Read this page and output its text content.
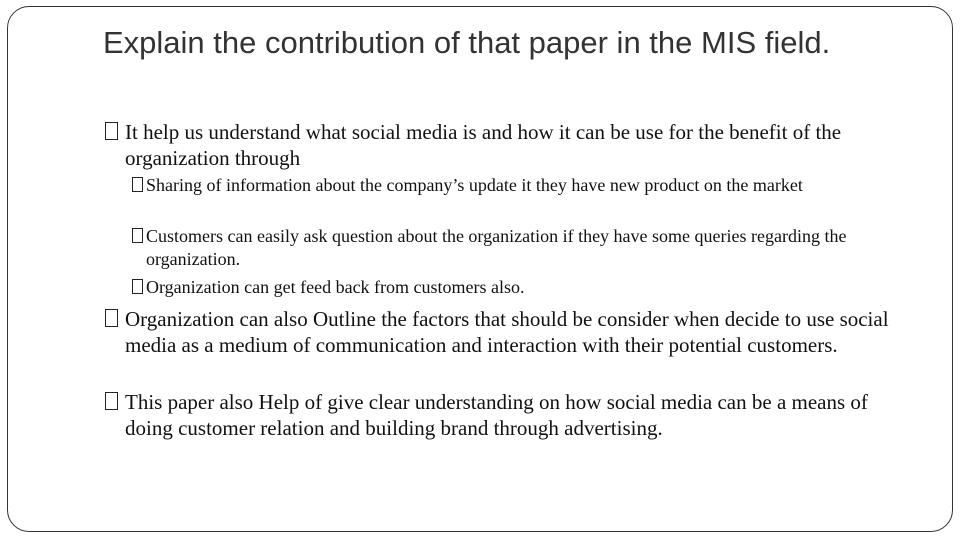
Explain the contribution of that paper in the MIS field.
It help us understand what social media is and how it can be use for the benefit of the organization through
Sharing of information about the company’s update it they have new product on the market
Customers can easily ask question about the organization if they have some queries regarding the organization.
Organization can get feed back from customers also.
Organization can also Outline the factors that should be consider when decide to use social media as a medium of communication and interaction with their potential customers.
This paper also Help of give clear understanding on how social media can be a means of doing customer relation and building brand through advertising.
